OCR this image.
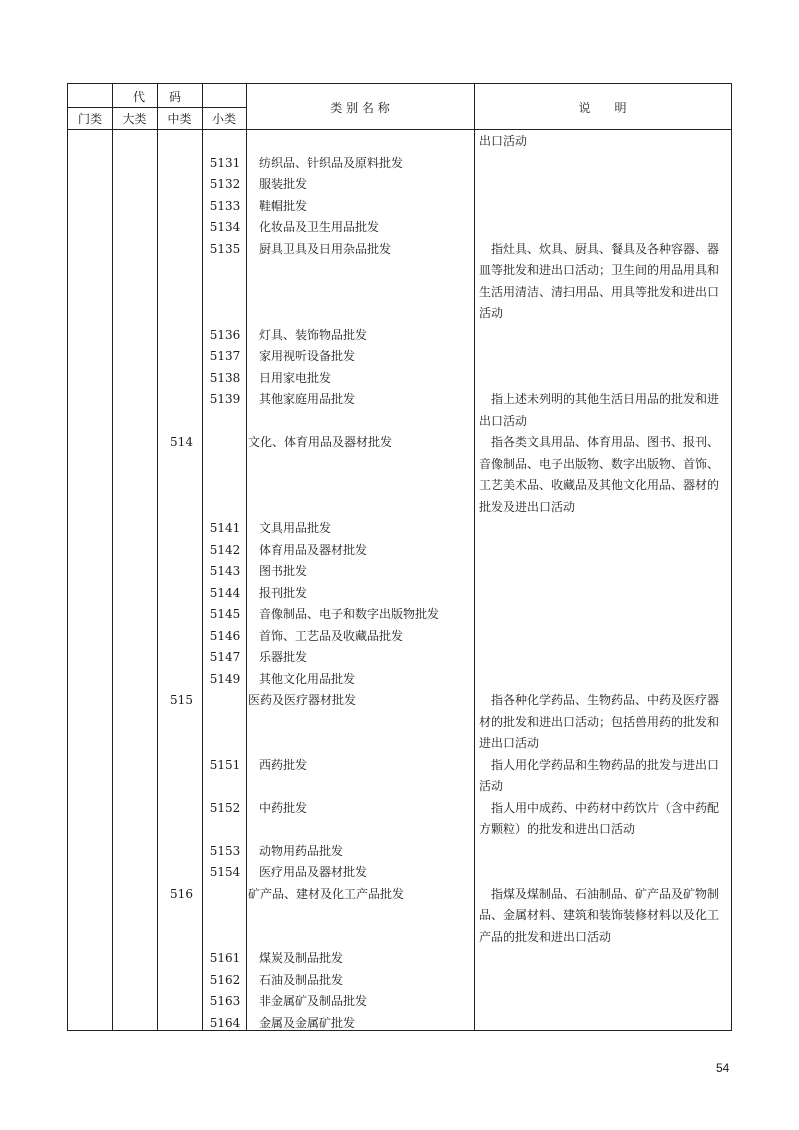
代　　码
门类	大类	中类	小类
类 别 名 称	说　　明
出口活动
5131	纺织品、针织品及原料批发
5132	服装批发
5133	鞋帽批发
5134	化妆品及卫生用品批发
5135	厨具卫具及日用杂品批发	　指灶具、炊具、厨具、餐具及各种容器、器
皿等批发和进出口活动；卫生间的用品用具和
生活用清洁、清扫用品、用具等批发和进出口
活动
5136	灯具、装饰物品批发
5137	家用视听设备批发
5138	日用家电批发
5139	其他家庭用品批发	　指上述未列明的其他生活日用品的批发和进
出口活动
514	文化、体育用品及器材批发	　指各类文具用品、体育用品、图书、报刊、
音像制品、电子出版物、数字出版物、首饰、
工艺美术品、收藏品及其他文化用品、器材的
批发及进出口活动
5141	文具用品批发
5142	体育用品及器材批发
5143	图书批发
5144	报刊批发
5145	音像制品、电子和数字出版物批发
5146	首饰、工艺品及收藏品批发
5147	乐器批发
5149	其他文化用品批发
515	医药及医疗器材批发	　指各种化学药品、生物药品、中药及医疗器
材的批发和进出口活动；包括兽用药的批发和
进出口活动
5151	西药批发	　指人用化学药品和生物药品的批发与进出口
活动
5152	中药批发	　指人用中成药、中药材中药饮片（含中药配
方颗粒）的批发和进出口活动
5153	动物用药品批发
5154	医疗用品及器材批发
516	矿产品、建材及化工产品批发	　指煤及煤制品、石油制品、矿产品及矿物制
品、金属材料、建筑和装饰装修材料以及化工
产品的批发和进出口活动
5161	煤炭及制品批发
5162	石油及制品批发
5163	非金属矿及制品批发
5164	金属及金属矿批发
54
